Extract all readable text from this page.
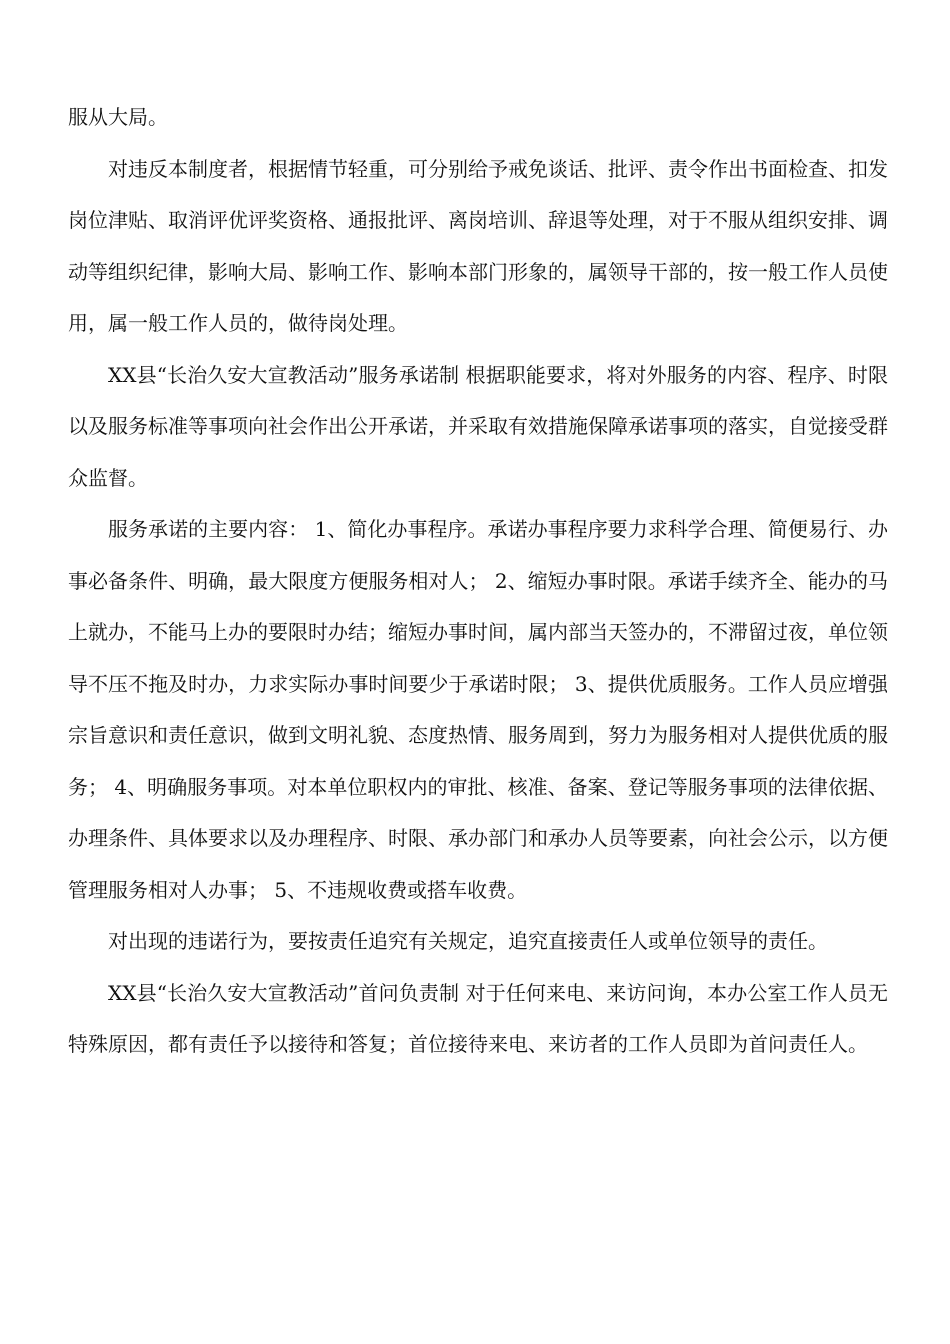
服从大局。

对违反本制度者，根据情节轻重，可分别给予戒免谈话、批评、责令作出书面检查、扣发岗位津贴、取消评优评奖资格、通报批评、离岗培训、辞退等处理，对于不服从组织安排、调动等组织纪律，影响大局、影响工作、影响本部门形象的，属领导干部的，按一般工作人员使用，属一般工作人员的，做待岗处理。

XX县“长治久安大宣教活动”服务承诺制 根据职能要求，将对外服务的内容、程序、时限以及服务标准等事项向社会作出公开承诺，并采取有效措施保障承诺事项的落实，自觉接受群众监督。

服务承诺的主要内容： 1、简化办事程序。承诺办事程序要力求科学合理、简便易行、办事必备条件、明确，最大限度方便服务相对人； 2、缩短办事时限。承诺手续齐全、能办的马上就办，不能马上办的要限时办结；缩短办事时间，属内部当天签办的，不滞留过夜，单位领导不压不拖及时办，力求实际办事时间要少于承诺时限； 3、提供优质服务。工作人员应增强宗旨意识和责任意识，做到文明礼貌、态度热情、服务周到，努力为服务相对人提供优质的服务； 4、明确服务事项。对本单位职权内的审批、核准、备案、登记等服务事项的法律依据、办理条件、具体要求以及办理程序、时限、承办部门和承办人员等要素，向社会公示，以方便管理服务相对人办事； 5、不违规收费或搭车收费。

对出现的违诺行为，要按责任追究有关规定，追究直接责任人或单位领导的责任。

XX县“长治久安大宣教活动”首问负责制 对于任何来电、来访问询，本办公室工作人员无特殊原因，都有责任予以接待和答复；首位接待来电、来访者的工作人员即为首问责任人。
